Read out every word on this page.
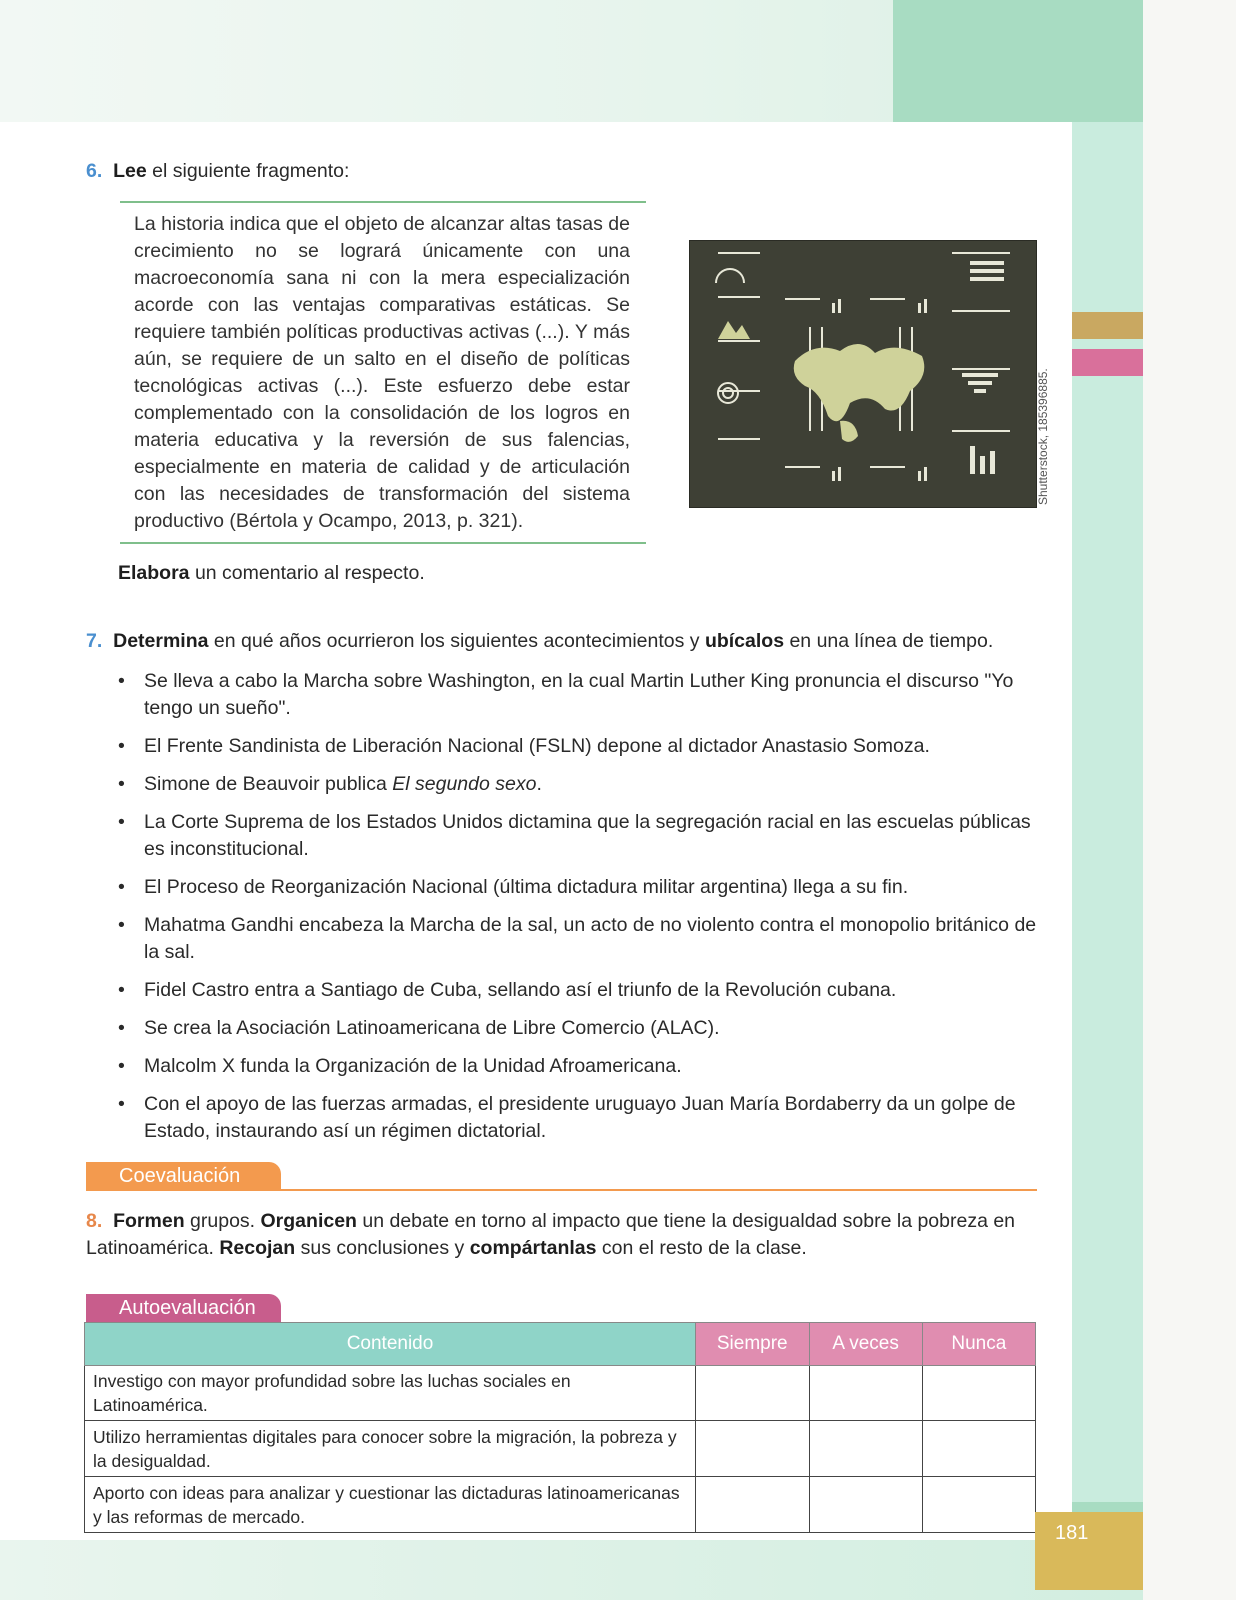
6. Lee el siguiente fragmento:
La historia indica que el objeto de alcanzar altas tasas de crecimiento no se logrará únicamente con una macroeconomía sana ni con la mera especialización acorde con las ventajas comparativas estáticas. Se requiere también políticas productivas activas (...). Y más aún, se requiere de un salto en el diseño de políticas tecnológicas activas (...). Este esfuerzo debe estar complementado con la consolidación de los logros en materia educativa y la reversión de sus falencias, especialmente en materia de calidad y de articulación con las necesidades de transformación del sistema productivo (Bértola y Ocampo, 2013, p. 321).
Shutterstock, 185396885.
Elabora un comentario al respecto.
7. Determina en qué años ocurrieron los siguientes acontecimientos y ubícalos en una línea de tiempo.
• Se lleva a cabo la Marcha sobre Washington, en la cual Martin Luther King pronuncia el discurso "Yo tengo un sueño".
• El Frente Sandinista de Liberación Nacional (FSLN) depone al dictador Anastasio Somoza.
• Simone de Beauvoir publica El segundo sexo.
• La Corte Suprema de los Estados Unidos dictamina que la segregación racial en las escuelas públicas es inconstitucional.
• El Proceso de Reorganización Nacional (última dictadura militar argentina) llega a su fin.
• Mahatma Gandhi encabeza la Marcha de la sal, un acto de no violento contra el monopolio británico de la sal.
• Fidel Castro entra a Santiago de Cuba, sellando así el triunfo de la Revolución cubana.
• Se crea la Asociación Latinoamericana de Libre Comercio (ALAC).
• Malcolm X funda la Organización de la Unidad Afroamericana.
• Con el apoyo de las fuerzas armadas, el presidente uruguayo Juan María Bordaberry da un golpe de Estado, instaurando así un régimen dictatorial.
Coevaluación
8. Formen grupos. Organicen un debate en torno al impacto que tiene la desigualdad sobre la pobreza en Latinoamérica. Recojan sus conclusiones y compártanlas con el resto de la clase.
Autoevaluación
Contenido	Siempre	A veces	Nunca
Investigo con mayor profundidad sobre las luchas sociales en Latinoamérica.			
Utilizo herramientas digitales para conocer sobre la migración, la pobreza y la desigualdad.			
Aporto con ideas para analizar y cuestionar las dictaduras latinoamericanas y las reformas de mercado.			
181
